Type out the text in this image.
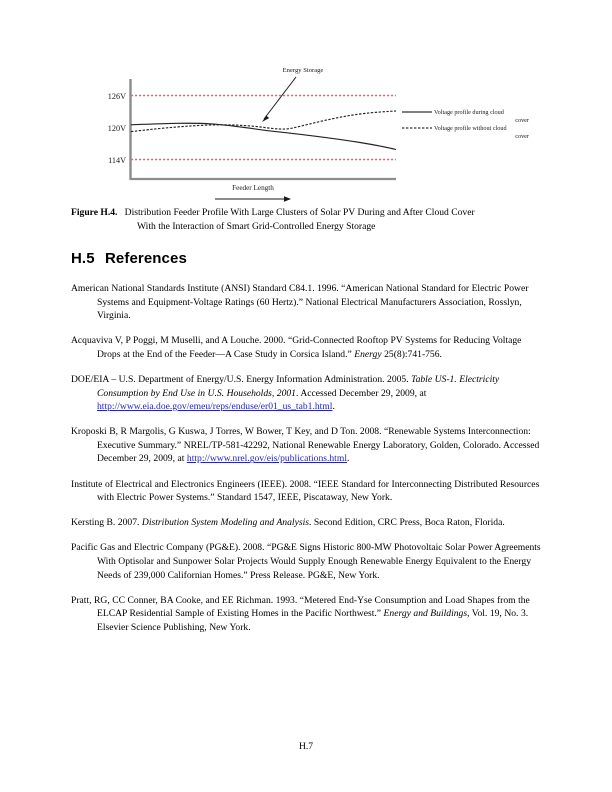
126V
120V
114V
Energy Storage
Feeder Length
Voltage profile during cloud
cover
Voltage profile without cloud
cover
Figure H.4. Distribution Feeder Profile With Large Clusters of Solar PV During and After Cloud Cover
With the Interaction of Smart Grid-Controlled Energy Storage
H.5 References
American National Standards Institute (ANSI) Standard C84.1. 1996. “American National Standard for Electric Power Systems and Equipment-Voltage Ratings (60 Hertz).” National Electrical Manufacturers Association, Rosslyn, Virginia.
Acquaviva V, P Poggi, M Muselli, and A Louche. 2000. “Grid-Connected Rooftop PV Systems for Reducing Voltage Drops at the End of the Feeder—A Case Study in Corsica Island.” Energy 25(8):741-756.
DOE/EIA – U.S. Department of Energy/U.S. Energy Information Administration. 2005. Table US-1. Electricity Consumption by End Use in U.S. Households, 2001. Accessed December 29, 2009, at http://www.eia.doe.gov/emeu/reps/enduse/er01_us_tab1.html.
Kroposki B, R Margolis, G Kuswa, J Torres, W Bower, T Key, and D Ton. 2008. “Renewable Systems Interconnection: Executive Summary.” NREL/TP-581-42292, National Renewable Energy Laboratory, Golden, Colorado. Accessed December 29, 2009, at http://www.nrel.gov/eis/publications.html.
Institute of Electrical and Electronics Engineers (IEEE). 2008. “IEEE Standard for Interconnecting Distributed Resources with Electric Power Systems.” Standard 1547, IEEE, Piscataway, New York.
Kersting B. 2007. Distribution System Modeling and Analysis. Second Edition, CRC Press, Boca Raton, Florida.
Pacific Gas and Electric Company (PG&E). 2008. “PG&E Signs Historic 800-MW Photovoltaic Solar Power Agreements With Optisolar and Sunpower Solar Projects Would Supply Enough Renewable Energy Equivalent to the Energy Needs of 239,000 Californian Homes.” Press Release. PG&E, New York.
Pratt, RG, CC Conner, BA Cooke, and EE Richman. 1993. “Metered End-Yse Consumption and Load Shapes from the ELCAP Residential Sample of Existing Homes in the Pacific Northwest.” Energy and Buildings, Vol. 19, No. 3. Elsevier Science Publishing, New York.
H.7
